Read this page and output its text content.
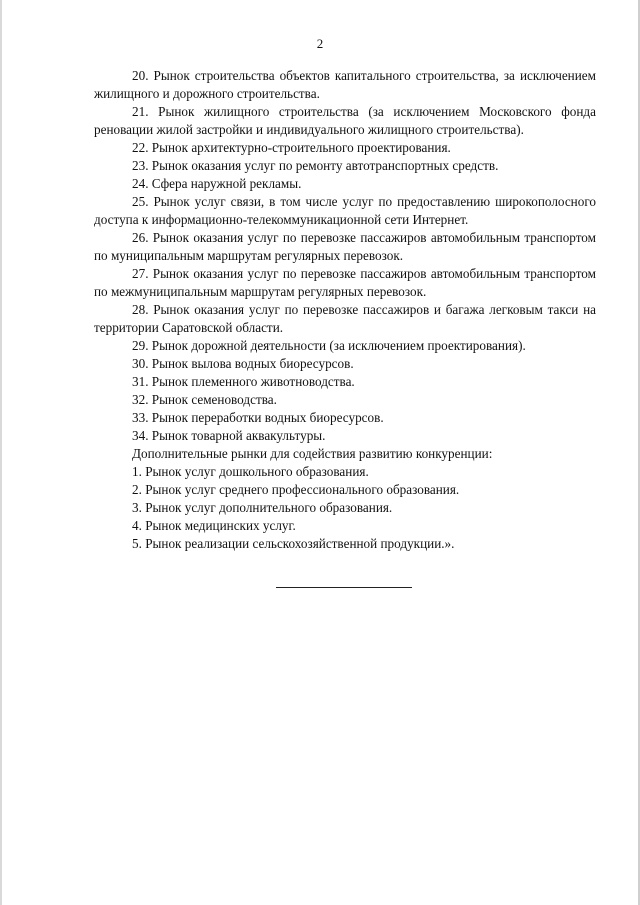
2

20. Рынок строительства объектов капитального строительства, за исключением жилищного и дорожного строительства.

21. Рынок жилищного строительства (за исключением Московского фонда реновации жилой застройки и индивидуального жилищного строительства).

22. Рынок архитектурно-строительного проектирования.

23. Рынок оказания услуг по ремонту автотранспортных средств.

24. Сфера наружной рекламы.

25. Рынок услуг связи, в том числе услуг по предоставлению широкополосного доступа к информационно-телекоммуникационной сети Интернет.

26. Рынок оказания услуг по перевозке пассажиров автомобильным транспортом по муниципальным маршрутам регулярных перевозок.

27. Рынок оказания услуг по перевозке пассажиров автомобильным транспортом по межмуниципальным маршрутам регулярных перевозок.

28. Рынок оказания услуг по перевозке пассажиров и багажа легковым такси на территории Саратовской области.

29. Рынок дорожной деятельности (за исключением проектирования).

30. Рынок вылова водных биоресурсов.

31. Рынок племенного животноводства.

32. Рынок семеноводства.

33. Рынок переработки водных биоресурсов.

34. Рынок товарной аквакультуры.

Дополнительные рынки для содействия развитию конкуренции:

1. Рынок услуг дошкольного образования.

2. Рынок услуг среднего профессионального образования.

3. Рынок услуг дополнительного образования.

4. Рынок медицинских услуг.

5. Рынок реализации сельскохозяйственной продукции.».
